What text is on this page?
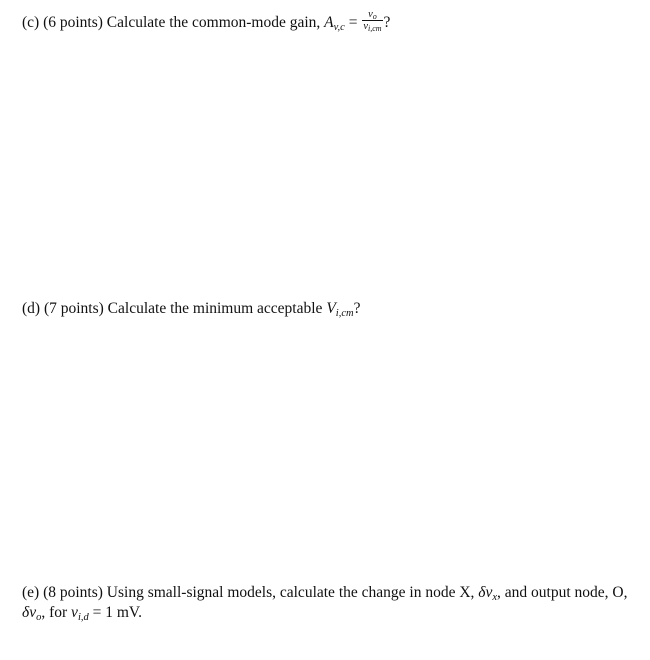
(c) (6 points) Calculate the common-mode gain, $A_{v,c} = \frac{vo}{vi,cm}$ ?
(d) (7 points) Calculate the minimum acceptable $V_{i,cm}$?
(e) (8 points) Using small-signal models, calculate the change in node X, $\delta v_x$, and output node, O, $\delta v_o$, for $v_{i,d} = 1$ mV.
